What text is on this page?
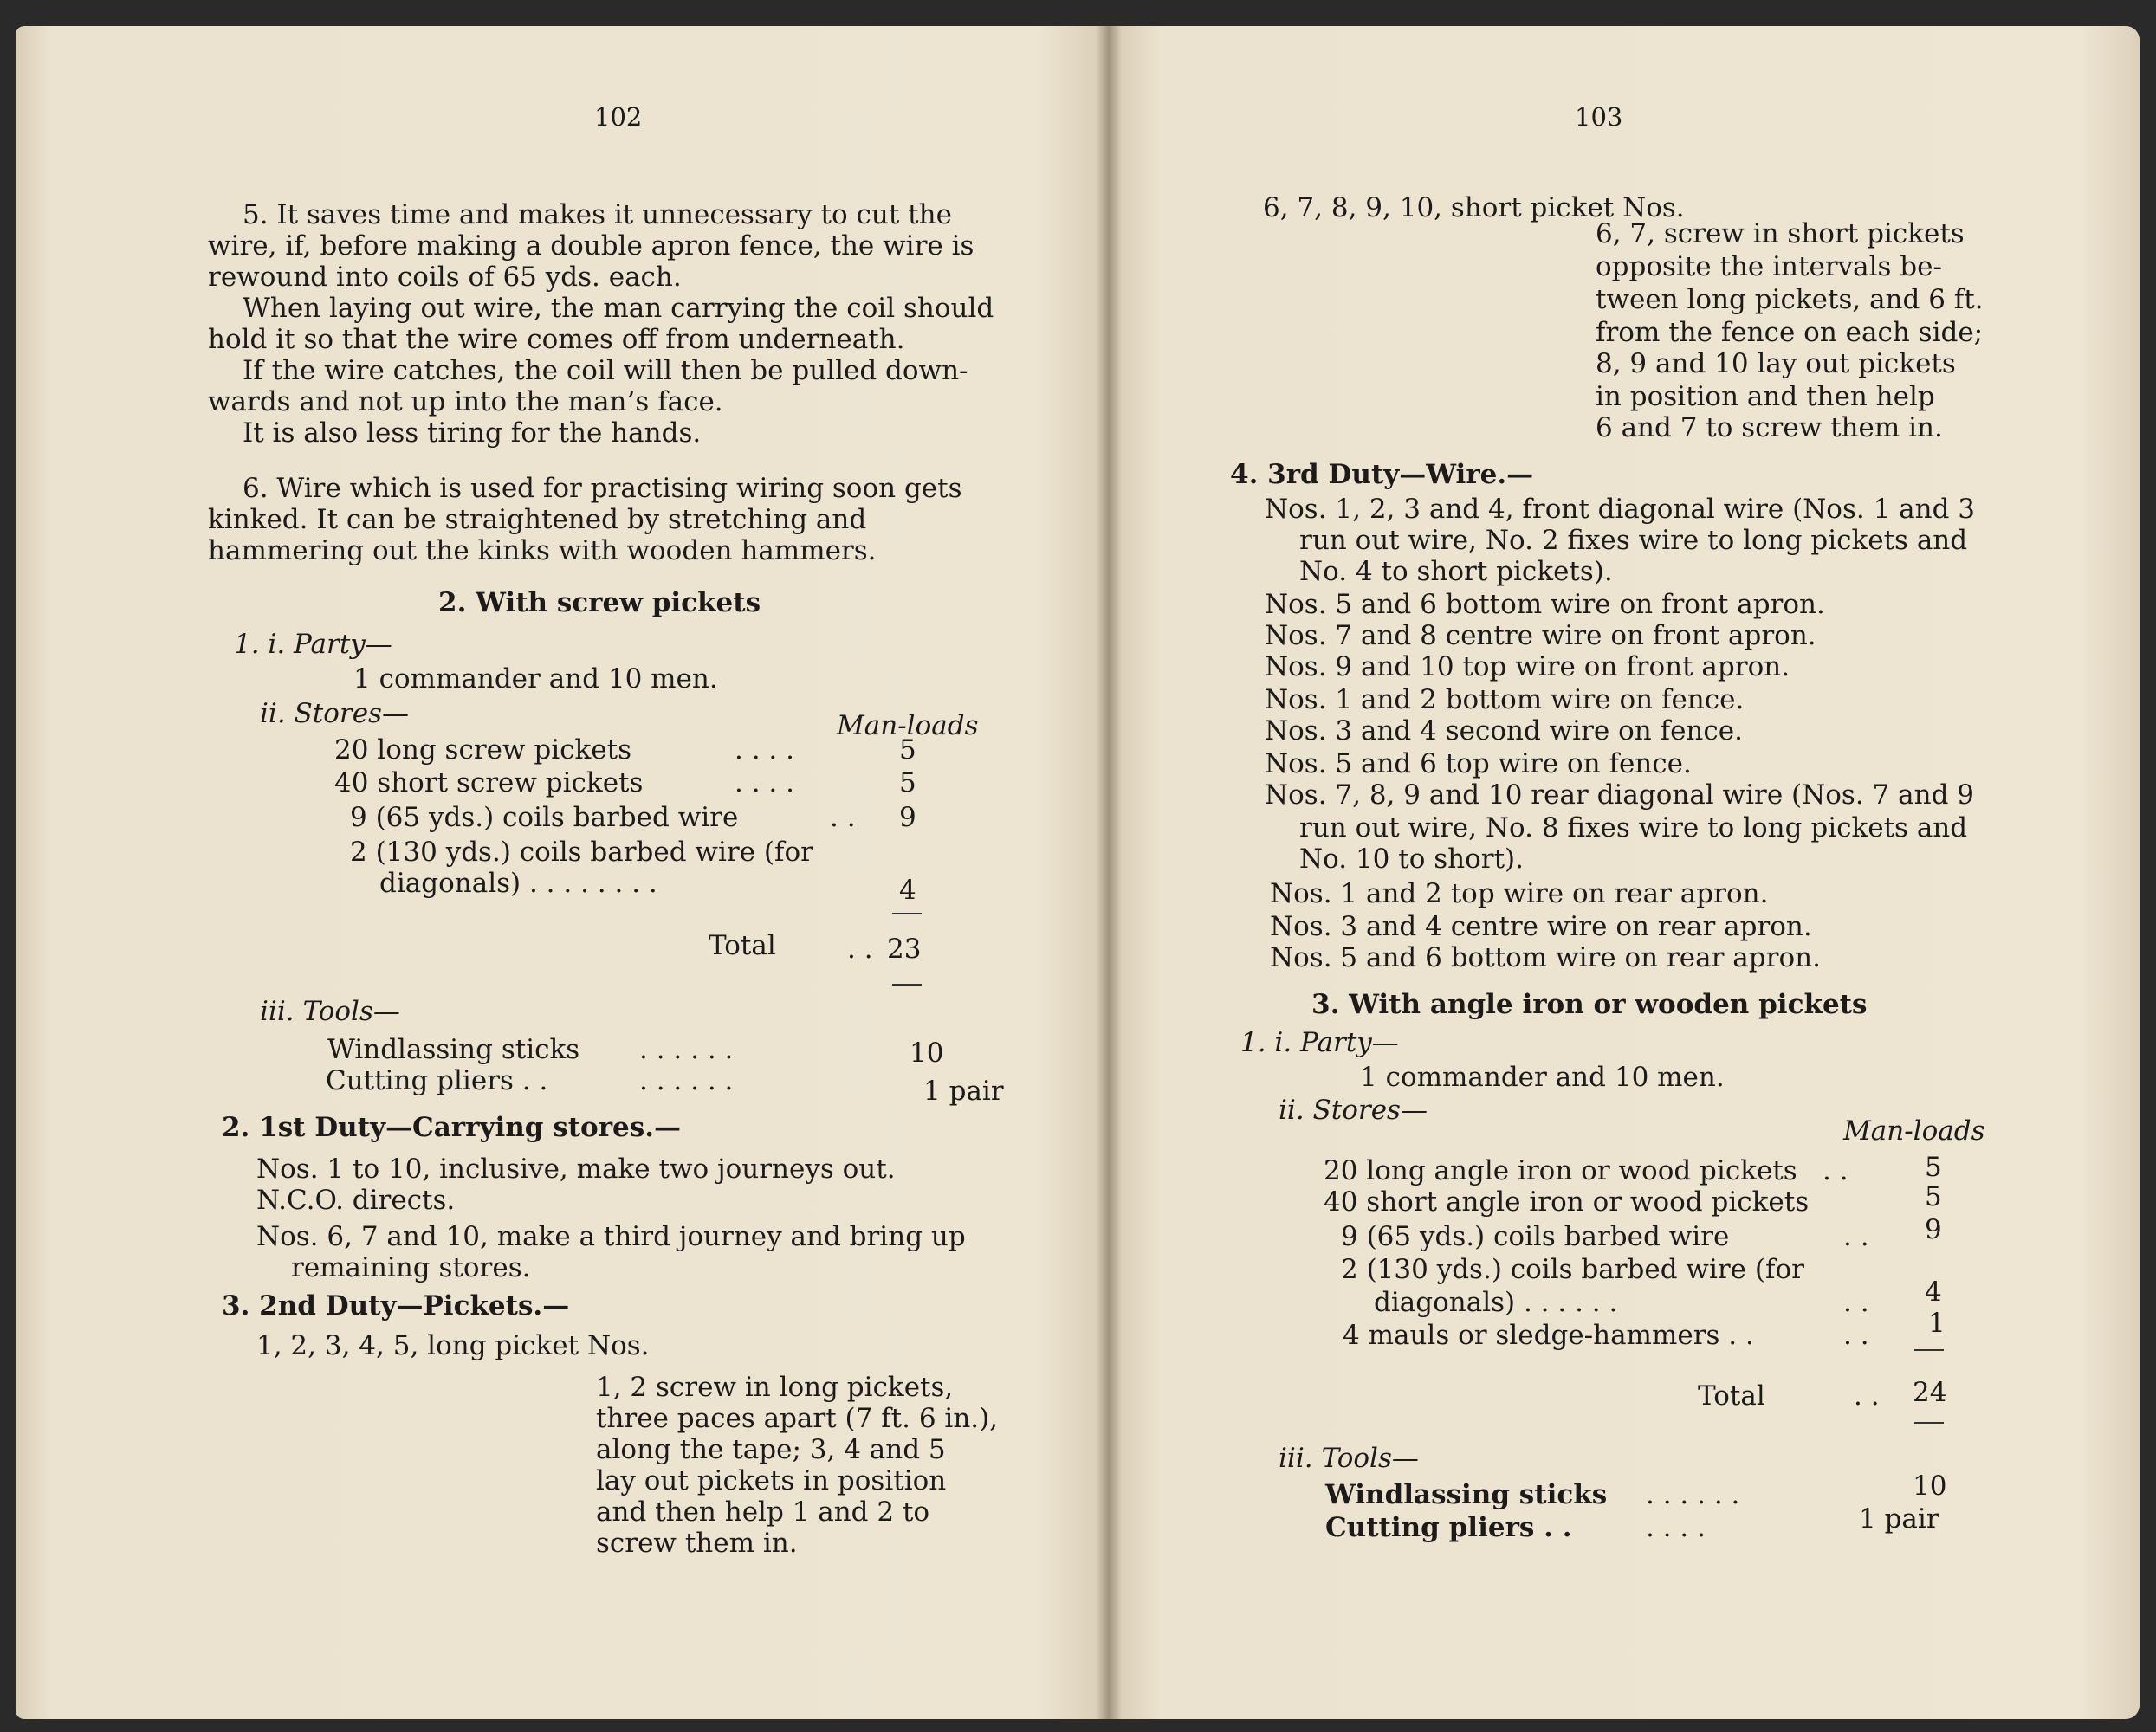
102
5. It saves time and makes it unnecessary to cut the
wire, if, before making a double apron fence, the wire is
rewound into coils of 65 yds. each.
When laying out wire, the man carrying the coil should
hold it so that the wire comes off from underneath.
If the wire catches, the coil will then be pulled down-
wards and not up into the man’s face.
It is also less tiring for the hands.
6. Wire which is used for practising wiring soon gets
kinked. It can be straightened by stretching and
hammering out the kinks with wooden hammers.
2. With screw pickets
1. i. Party—
1 commander and 10 men.
ii. Stores—	Man-loads
20 long screw pickets	. . . .	5
40 short screw pickets	. . . .	5
9 (65 yds.) coils barbed wire	. . 9
2 (130 yds.) coils barbed wire (for
diagonals) . . . . . . . .	4
Total	. . 23
iii. Tools—
Windlassing sticks . . . . . .	10
Cutting pliers . .	. . . . . .	1 pair
2. 1st Duty—Carrying stores.—
Nos. 1 to 10, inclusive, make two journeys out.
N.C.O. directs.
Nos. 6, 7 and 10, make a third journey and bring up
remaining stores.
3. 2nd Duty—Pickets.—
1, 2, 3, 4, 5, long picket Nos.
1, 2 screw in long pickets,
three paces apart (7 ft. 6 in.),
along the tape; 3, 4 and 5
lay out pickets in position
and then help 1 and 2 to
screw them in.
103
6, 7, 8, 9, 10, short picket Nos.
6, 7, screw in short pickets
opposite the intervals be-
tween long pickets, and 6 ft.
from the fence on each side;
8, 9 and 10 lay out pickets
in position and then help
6 and 7 to screw them in.
4. 3rd Duty—Wire.—
Nos. 1, 2, 3 and 4, front diagonal wire (Nos. 1 and 3
run out wire, No. 2 fixes wire to long pickets and
No. 4 to short pickets).
Nos. 5 and 6 bottom wire on front apron.
Nos. 7 and 8 centre wire on front apron.
Nos. 9 and 10 top wire on front apron.
Nos. 1 and 2 bottom wire on fence.
Nos. 3 and 4 second wire on fence.
Nos. 5 and 6 top wire on fence.
Nos. 7, 8, 9 and 10 rear diagonal wire (Nos. 7 and 9
run out wire, No. 8 fixes wire to long pickets and
No. 10 to short).
Nos. 1 and 2 top wire on rear apron.
Nos. 3 and 4 centre wire on rear apron.
Nos. 5 and 6 bottom wire on rear apron.
3. With angle iron or wooden pickets
1. i. Party—
1 commander and 10 men.
ii. Stores—
Man-loads
20 long angle iron or wood pickets . .	5
40 short angle iron or wood pickets	5
9 (65 yds.) coils barbed wire	. . 9
2 (130 yds.) coils barbed wire (for
diagonals) . . . . . .	. . 4
4 mauls or sledge-hammers . .	. . 1
Total	. . 24
iii. Tools—
Windlassing sticks . . . . . .	10
Cutting pliers . .	. . . .	1 pair
